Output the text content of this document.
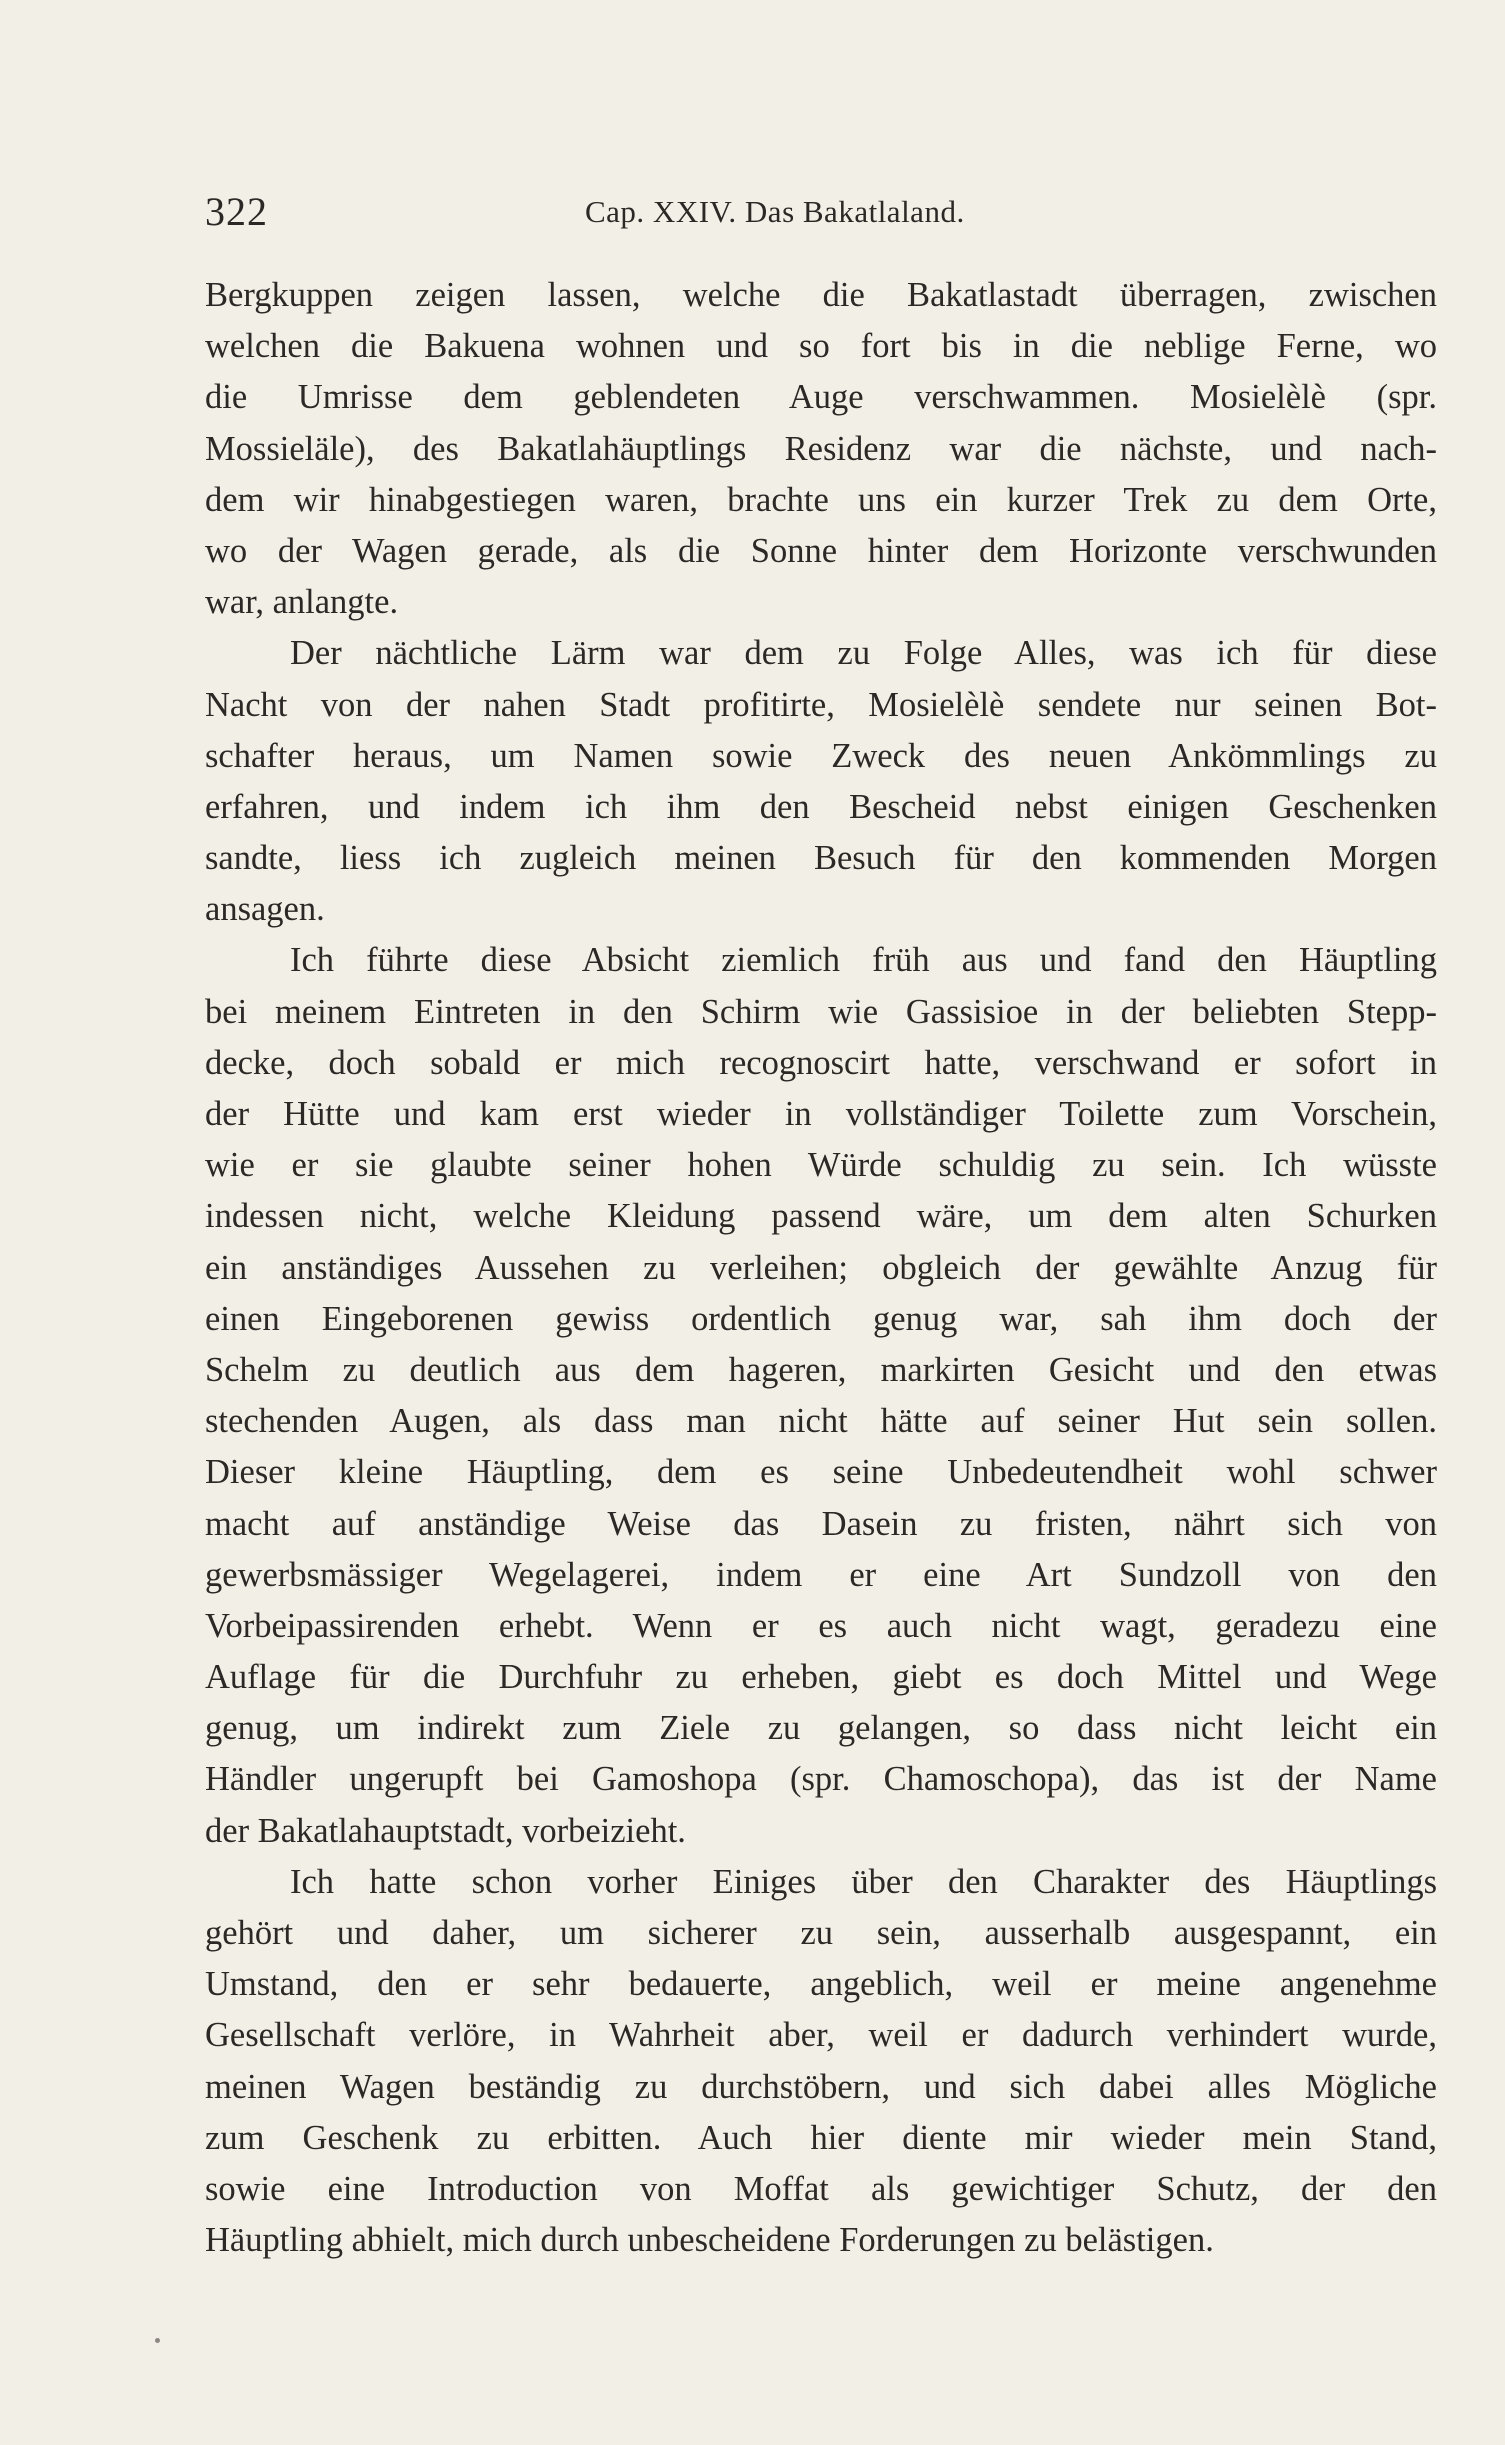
322	Cap. XXIV. Das Bakatlaland.
Bergkuppen zeigen lassen, welche die Bakatlastadt überragen, zwischen
welchen die Bakuena wohnen und so fort bis in die neblige Ferne, wo
die Umrisse dem geblendeten Auge verschwammen. Mosielèlè (spr.
Mossieläle), des Bakatlahäuptlings Residenz war die nächste, und nach-
dem wir hinabgestiegen waren, brachte uns ein kurzer Trek zu dem Orte,
wo der Wagen gerade, als die Sonne hinter dem Horizonte verschwunden
war, anlangte.
Der nächtliche Lärm war dem zu Folge Alles, was ich für diese
Nacht von der nahen Stadt profitirte, Mosielèlè sendete nur seinen Bot-
schafter heraus, um Namen sowie Zweck des neuen Ankömmlings zu
erfahren, und indem ich ihm den Bescheid nebst einigen Geschenken
sandte, liess ich zugleich meinen Besuch für den kommenden Morgen
ansagen.
Ich führte diese Absicht ziemlich früh aus und fand den Häuptling
bei meinem Eintreten in den Schirm wie Gassisioe in der beliebten Stepp-
decke, doch sobald er mich recognoscirt hatte, verschwand er sofort in
der Hütte und kam erst wieder in vollständiger Toilette zum Vorschein,
wie er sie glaubte seiner hohen Würde schuldig zu sein. Ich wüsste
indessen nicht, welche Kleidung passend wäre, um dem alten Schurken
ein anständiges Aussehen zu verleihen; obgleich der gewählte Anzug für
einen Eingeborenen gewiss ordentlich genug war, sah ihm doch der
Schelm zu deutlich aus dem hageren, markirten Gesicht und den etwas
stechenden Augen, als dass man nicht hätte auf seiner Hut sein sollen.
Dieser kleine Häuptling, dem es seine Unbedeutendheit wohl schwer
macht auf anständige Weise das Dasein zu fristen, nährt sich von
gewerbsmässiger Wegelagerei, indem er eine Art Sundzoll von den
Vorbeipassirenden erhebt. Wenn er es auch nicht wagt, geradezu eine
Auflage für die Durchfuhr zu erheben, giebt es doch Mittel und Wege
genug, um indirekt zum Ziele zu gelangen, so dass nicht leicht ein
Händler ungerupft bei Gamoshopa (spr. Chamoschopa), das ist der Name
der Bakatlahauptstadt, vorbeizieht.
Ich hatte schon vorher Einiges über den Charakter des Häuptlings
gehört und daher, um sicherer zu sein, ausserhalb ausgespannt, ein
Umstand, den er sehr bedauerte, angeblich, weil er meine angenehme
Gesellschaft verlöre, in Wahrheit aber, weil er dadurch verhindert wurde,
meinen Wagen beständig zu durchstöbern, und sich dabei alles Mögliche
zum Geschenk zu erbitten. Auch hier diente mir wieder mein Stand,
sowie eine Introduction von Moffat als gewichtiger Schutz, der den
Häuptling abhielt, mich durch unbescheidene Forderungen zu belästigen.
